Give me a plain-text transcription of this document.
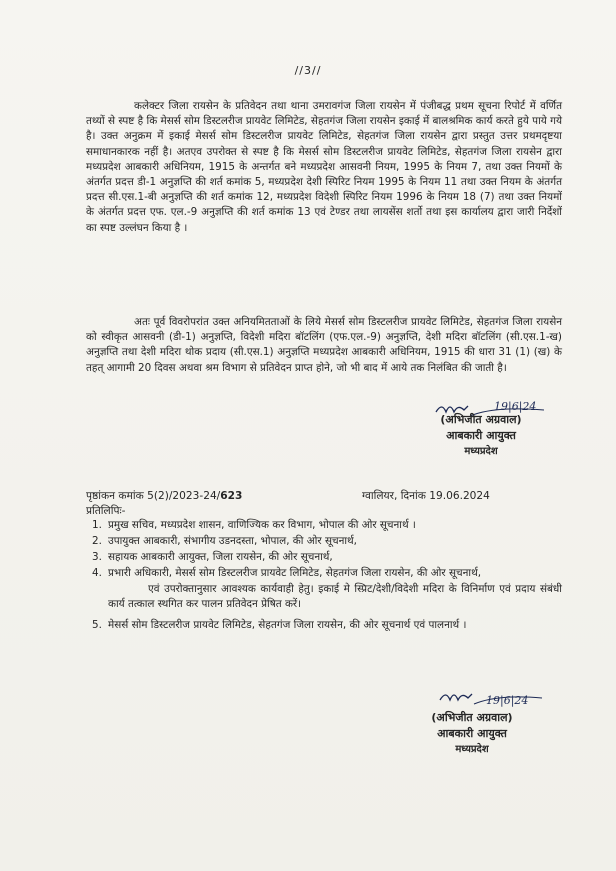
//3//

कलेक्टर जिला रायसेन के प्रतिवेदन तथा थाना उमरावगंज जिला रायसेन में पंजीबद्ध प्रथम सूचना रिपोर्ट में वर्णित तथ्यों से स्पष्ट है कि मेसर्स सोम डिस्टलरीज प्रायवेट लिमिटेड, सेहतगंज जिला रायसेन इकाई में बालश्रमिक कार्य करते हुये पाये गये है। उक्त अनुक्रम में इकाई मेसर्स सोम डिस्टलरीज प्रायवेट लिमिटेड, सेहतगंज जिला रायसेन द्वारा प्रस्तुत उत्तर प्रथमदृष्टया समाधानकारक नहीं है। अतएव उपरोक्त से स्पष्ट है कि मेसर्स सोम डिस्टलरीज प्रायवेट लिमिटेड, सेहतगंज जिला रायसेन द्वारा मध्यप्रदेश आबकारी अधिनियम, 1915 के अन्तर्गत बने मध्यप्रदेश आसवनी नियम, 1995 के नियम 7, तथा उक्त नियमों के अंतर्गत प्रदत्त डी-1 अनुज्ञप्ति की शर्त कमांक 5, मध्यप्रदेश देशी स्पिरिट नियम 1995 के नियम 11 तथा उक्त नियम के अंतर्गत प्रदत्त सी.एस.1-बी अनुज्ञप्ति की शर्त कमांक 12, मध्यप्रदेश विदेशी स्पिरिट नियम 1996 के नियम 18 (7) तथा उक्त नियमों के अंतर्गत प्रदत्त एफ. एल.-9 अनुज्ञप्ति की शर्त कमांक 13 एवं टेण्डर तथा लायसेंस शर्तो तथा इस कार्यालय द्वारा जारी निर्देशों का स्पष्ट उल्लंघन किया है ।

अतः पूर्व विवरोपरांत उक्त अनियमितताओं के लिये मेसर्स सोम डिस्टलरीज प्रायवेट लिमिटेड, सेहतगंज जिला रायसेन को स्वीकृत आसवनी (डी-1) अनुज्ञप्ति, विदेशी मदिरा बॉटलिंग (एफ.एल.-9) अनुज्ञप्ति, देशी मदिरा बॉटलिंग (सी.एस.1-ख) अनुज्ञप्ति तथा देशी मदिरा थोक प्रदाय (सी.एस.1) अनुज्ञप्ति मध्यप्रदेश आबकारी अधिनियम, 1915 की धारा 31 (1) (ख) के तहत् आगामी 20 दिवस अथवा श्रम विभाग से प्रतिवेदन प्राप्त होने, जो भी बाद में आये तक निलंबित की जाती है।

19|6|24
(अभिजीत अग्रवाल)
आबकारी आयुक्त
मध्यप्रदेश
पृष्ठांकन कमांक 5(2)/2023-24/623	ग्वालियर, दिनांक 19.06.2024
प्रतिलिपिः-
1. प्रमुख सचिव, मध्यप्रदेश शासन, वाणिज्यिक कर विभाग, भोपाल की ओर सूचनार्थ ।
2. उपायुक्त आबकारी, संभागीय उडनदस्ता, भोपाल, की ओर सूचनार्थ,
3. सहायक आबकारी आयुक्त, जिला रायसेन, की ओर सूचनार्थ,
4. प्रभारी अधिकारी, मेसर्स सोम डिस्टलरीज प्रायवेट लिमिटेड, सेहतगंज जिला रायसेन, की ओर सूचनार्थ,
एवं उपरोक्तानुसार आवश्यक कार्यवाही हेतु। इकाई मे स्प्रिट/देशी/विदेशी मदिरा के विनिर्माण एवं प्रदाय संबंधी कार्य तत्काल स्थगित कर पालन प्रतिवेदन प्रेषित करें।
5. मेसर्स सोम डिस्टलरीज प्रायवेट लिमिटेड, सेहतगंज जिला रायसेन, की ओर सूचनार्थ एवं पालनार्थ ।
19|6|24
(अभिजीत अग्रवाल)
आबकारी आयुक्त
मध्यप्रदेश
